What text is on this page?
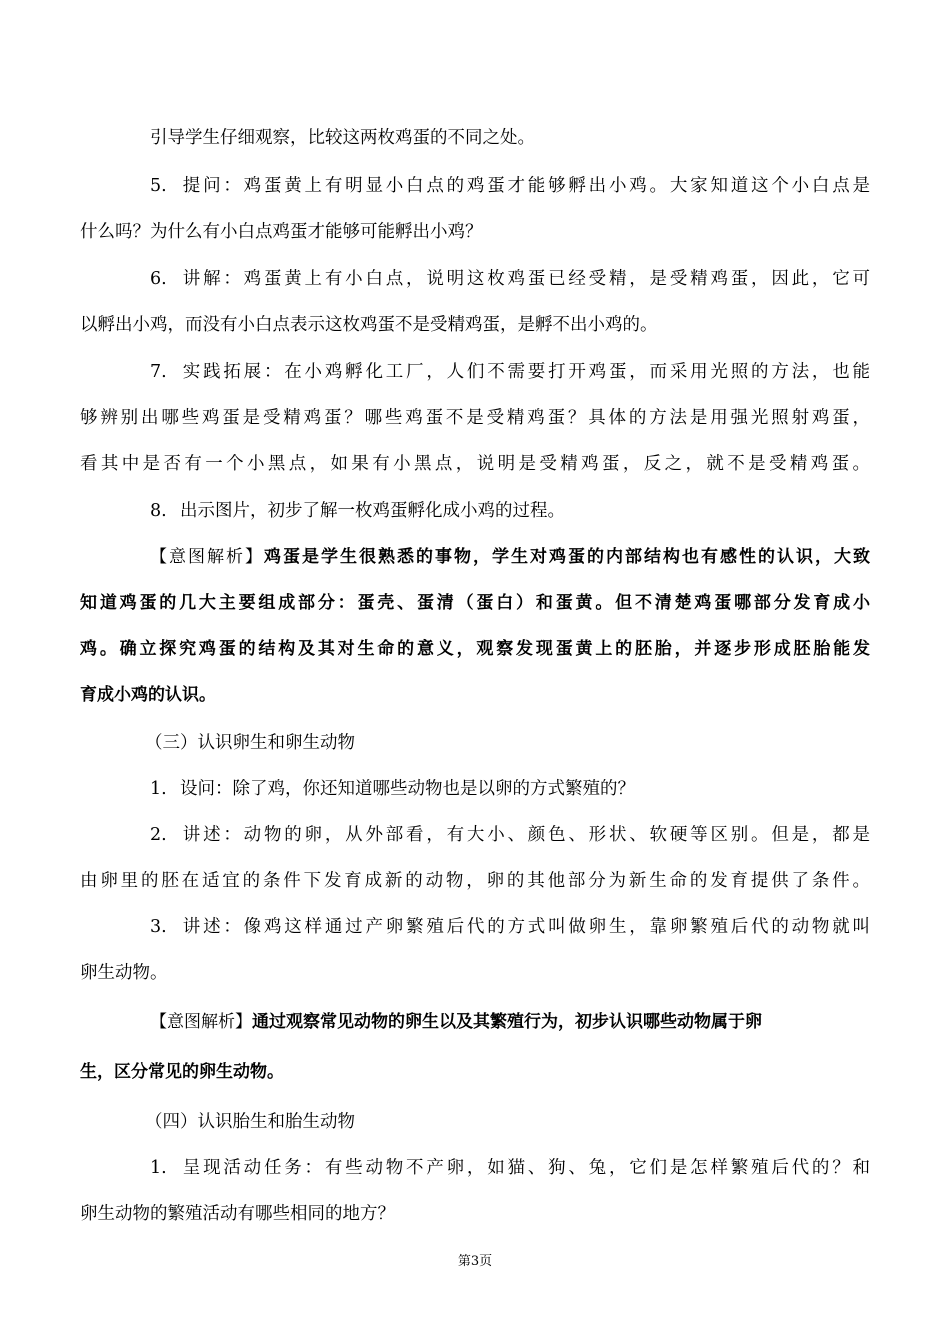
引导学生仔细观察，比较这两枚鸡蛋的不同之处。
5. 提问：鸡蛋黄上有明显小白点的鸡蛋才能够孵出小鸡。大家知道这个小白点是
什么吗？为什么有小白点鸡蛋才能够可能孵出小鸡？
6. 讲解：鸡蛋黄上有小白点，说明这枚鸡蛋已经受精，是受精鸡蛋，因此，它可
以孵出小鸡，而没有小白点表示这枚鸡蛋不是受精鸡蛋，是孵不出小鸡的。
7. 实践拓展：在小鸡孵化工厂，人们不需要打开鸡蛋，而采用光照的方法，也能
够辨别出哪些鸡蛋是受精鸡蛋？哪些鸡蛋不是受精鸡蛋？具体的方法是用强光照射鸡蛋，
看其中是否有一个小黑点，如果有小黑点，说明是受精鸡蛋，反之，就不是受精鸡蛋。
8. 出示图片，初步了解一枚鸡蛋孵化成小鸡的过程。
【意图解析】鸡蛋是学生很熟悉的事物，学生对鸡蛋的内部结构也有感性的认识，大致
知道鸡蛋的几大主要组成部分：蛋壳、蛋清（蛋白）和蛋黄。但不清楚鸡蛋哪部分发育成小
鸡。确立探究鸡蛋的结构及其对生命的意义，观察发现蛋黄上的胚胎，并逐步形成胚胎能发
育成小鸡的认识。
（三）认识卵生和卵生动物
1. 设问：除了鸡，你还知道哪些动物也是以卵的方式繁殖的？
2. 讲述：动物的卵，从外部看，有大小、颜色、形状、软硬等区别。但是，都是
由卵里的胚在适宜的条件下发育成新的动物，卵的其他部分为新生命的发育提供了条件。
3. 讲述：像鸡这样通过产卵繁殖后代的方式叫做卵生，靠卵繁殖后代的动物就叫
卵生动物。
【意图解析】通过观察常见动物的卵生以及其繁殖行为，初步认识哪些动物属于卵
生，区分常见的卵生动物。
（四）认识胎生和胎生动物
1. 呈现活动任务：有些动物不产卵，如猫、狗、兔，它们是怎样繁殖后代的？和
卵生动物的繁殖活动有哪些相同的地方？
第3页
